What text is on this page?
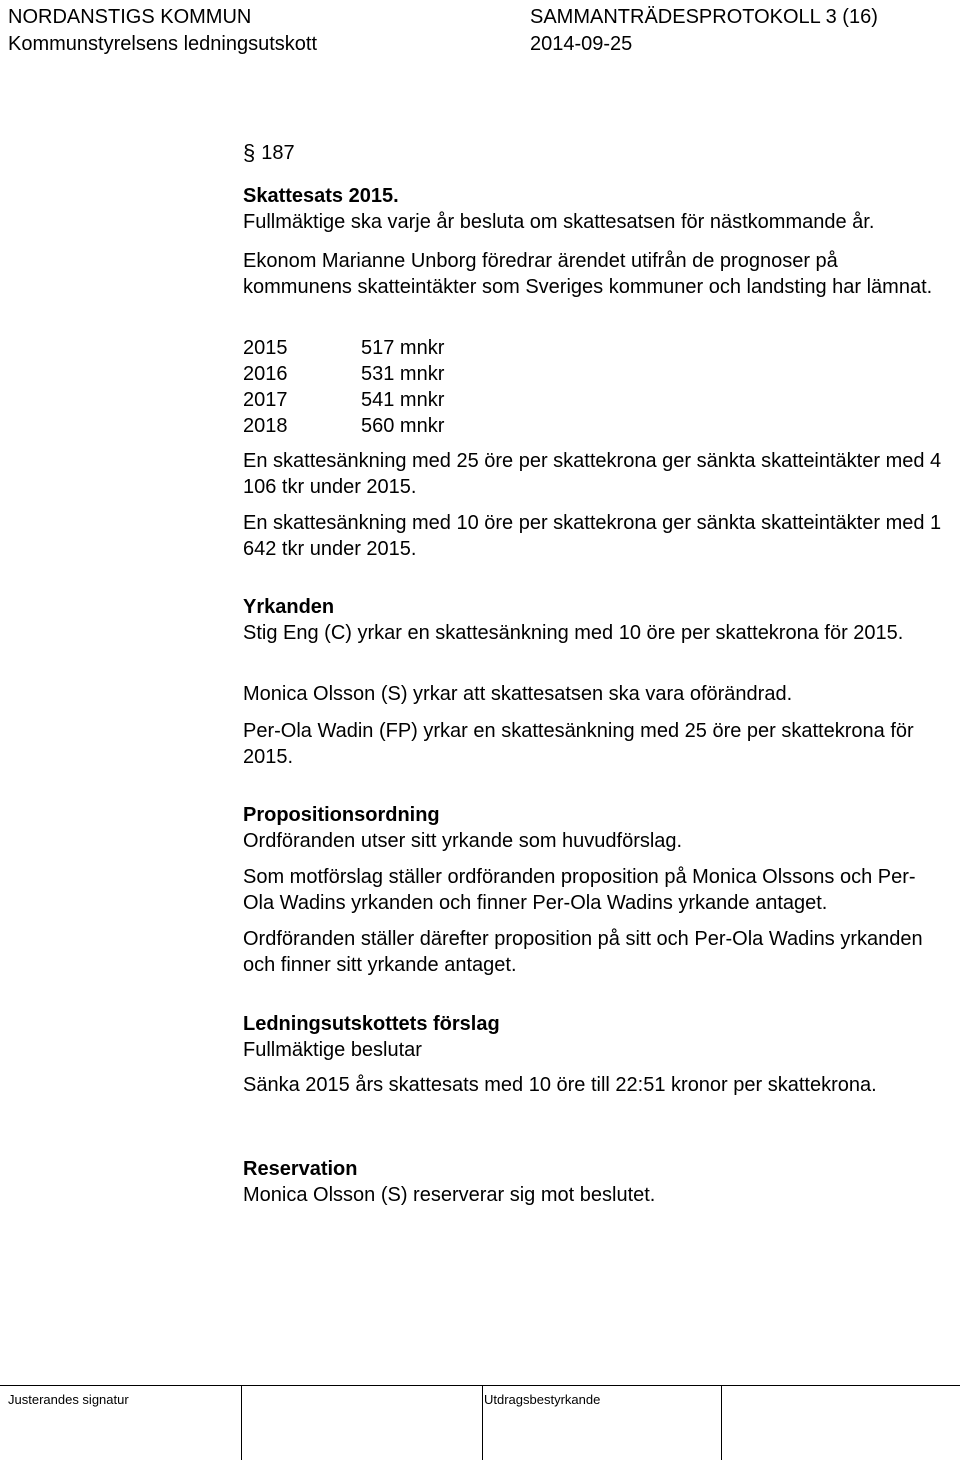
NORDANSTIGS KOMMUN	SAMMANTRÄDESPROTOKOLL 3 (16)
Kommunstyrelsens ledningsutskott	2014-09-25
§ 187
Skattesats 2015.
Fullmäktige ska varje år besluta om skattesatsen för nästkommande år.
Ekonom Marianne Unborg föredrar ärendet utifrån de prognoser på kommunens skatteintäkter som Sveriges kommuner och landsting har lämnat.
2015	517 mnkr
2016	531 mnkr
2017	541 mnkr
2018	560 mnkr
En skattesänkning med 25 öre per skattekrona ger sänkta skatteintäkter med 4 106 tkr under 2015.
En skattesänkning med 10 öre per skattekrona ger sänkta skatteintäkter med 1 642 tkr under 2015.
Yrkanden
Stig Eng (C) yrkar en skattesänkning med 10 öre per skattekrona för 2015.
Monica Olsson (S) yrkar att skattesatsen ska vara oförändrad.
Per-Ola Wadin (FP) yrkar en skattesänkning med 25 öre per skattekrona för 2015.
Propositionsordning
Ordföranden utser sitt yrkande som huvudförslag.
Som motförslag ställer ordföranden proposition på Monica Olssons och Per-Ola Wadins yrkanden och finner Per-Ola Wadins yrkande antaget.
Ordföranden ställer därefter proposition på sitt och Per-Ola Wadins yrkanden och finner sitt yrkande antaget.
Ledningsutskottets förslag
Fullmäktige beslutar
Sänka 2015 års skattesats med 10 öre till 22:51 kronor per skattekrona.
Reservation
Monica Olsson (S) reserverar sig mot beslutet.
Justerandes signatur	Utdragsbestyrkande
